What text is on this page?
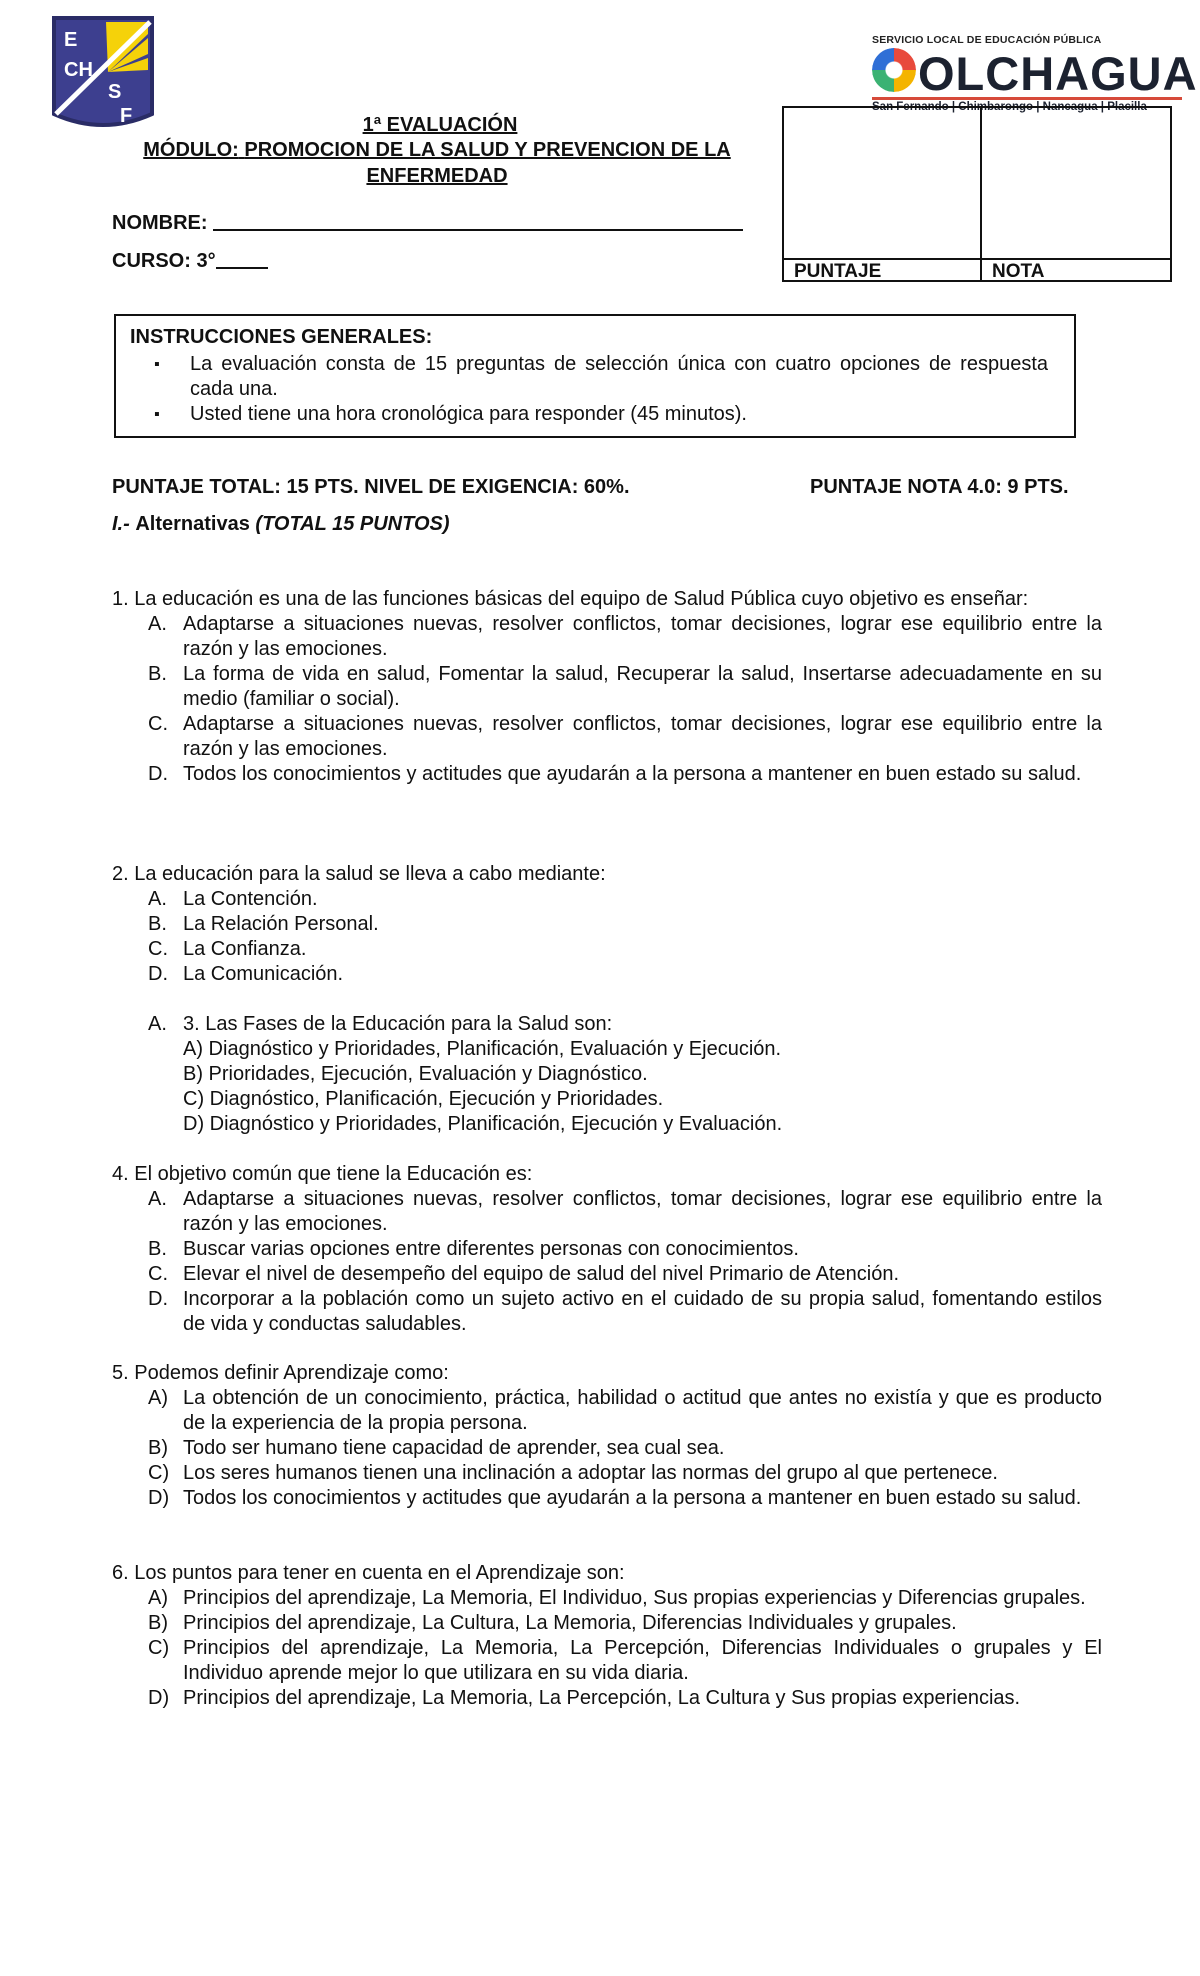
E
CH
S
F
SERVICIO LOCAL DE EDUCACIÓN PÚBLICA
OLCHAGUA
San Fernando | Chimbarongo | Nancagua | Placilla
1ª EVALUACIÓN
MÓDULO: PROMOCION DE LA SALUD Y PREVENCION DE LA ENFERMEDAD
NOMBRE:
CURSO: 3°	PUNTAJE	NOTA
INSTRUCCIONES GENERALES:
▪ La evaluación consta de 15 preguntas de selección única con cuatro opciones de respuesta cada una.
▪ Usted tiene una hora cronológica para responder (45 minutos).
PUNTAJE TOTAL: 15 PTS. NIVEL DE EXIGENCIA: 60%.	PUNTAJE NOTA 4.0: 9 PTS.
I.- Alternativas (TOTAL 15 PUNTOS)
1. La educación es una de las funciones básicas del equipo de Salud Pública cuyo objetivo es enseñar:
A. Adaptarse a situaciones nuevas, resolver conflictos, tomar decisiones, lograr ese equilibrio entre la razón y las emociones.
B. La forma de vida en salud, Fomentar la salud, Recuperar la salud, Insertarse adecuadamente en su medio (familiar o social).
C. Adaptarse a situaciones nuevas, resolver conflictos, tomar decisiones, lograr ese equilibrio entre la razón y las emociones.
D. Todos los conocimientos y actitudes que ayudarán a la persona a mantener en buen estado su salud.
2. La educación para la salud se lleva a cabo mediante:
A. La Contención.
B. La Relación Personal.
C. La Confianza.
D. La Comunicación.
A. 3. Las Fases de la Educación para la Salud son:
A) Diagnóstico y Prioridades, Planificación, Evaluación y Ejecución.
B) Prioridades, Ejecución, Evaluación y Diagnóstico.
C) Diagnóstico, Planificación, Ejecución y Prioridades.
D) Diagnóstico y Prioridades, Planificación, Ejecución y Evaluación.
4. El objetivo común que tiene la Educación es:
A. Adaptarse a situaciones nuevas, resolver conflictos, tomar decisiones, lograr ese equilibrio entre la razón y las emociones.
B. Buscar varias opciones entre diferentes personas con conocimientos.
C. Elevar el nivel de desempeño del equipo de salud del nivel Primario de Atención.
D. Incorporar a la población como un sujeto activo en el cuidado de su propia salud, fomentando estilos de vida y conductas saludables.
5. Podemos definir Aprendizaje como:
A) La obtención de un conocimiento, práctica, habilidad o actitud que antes no existía y que es producto de la experiencia de la propia persona.
B) Todo ser humano tiene capacidad de aprender, sea cual sea.
C) Los seres humanos tienen una inclinación a adoptar las normas del grupo al que pertenece.
D) Todos los conocimientos y actitudes que ayudarán a la persona a mantener en buen estado su salud.
6. Los puntos para tener en cuenta en el Aprendizaje son:
A) Principios del aprendizaje, La Memoria, El Individuo, Sus propias experiencias y Diferencias grupales.
B) Principios del aprendizaje, La Cultura, La Memoria, Diferencias Individuales y grupales.
C) Principios del aprendizaje, La Memoria, La Percepción, Diferencias Individuales o grupales y El Individuo aprende mejor lo que utilizara en su vida diaria.
D) Principios del aprendizaje, La Memoria, La Percepción, La Cultura y Sus propias experiencias.
